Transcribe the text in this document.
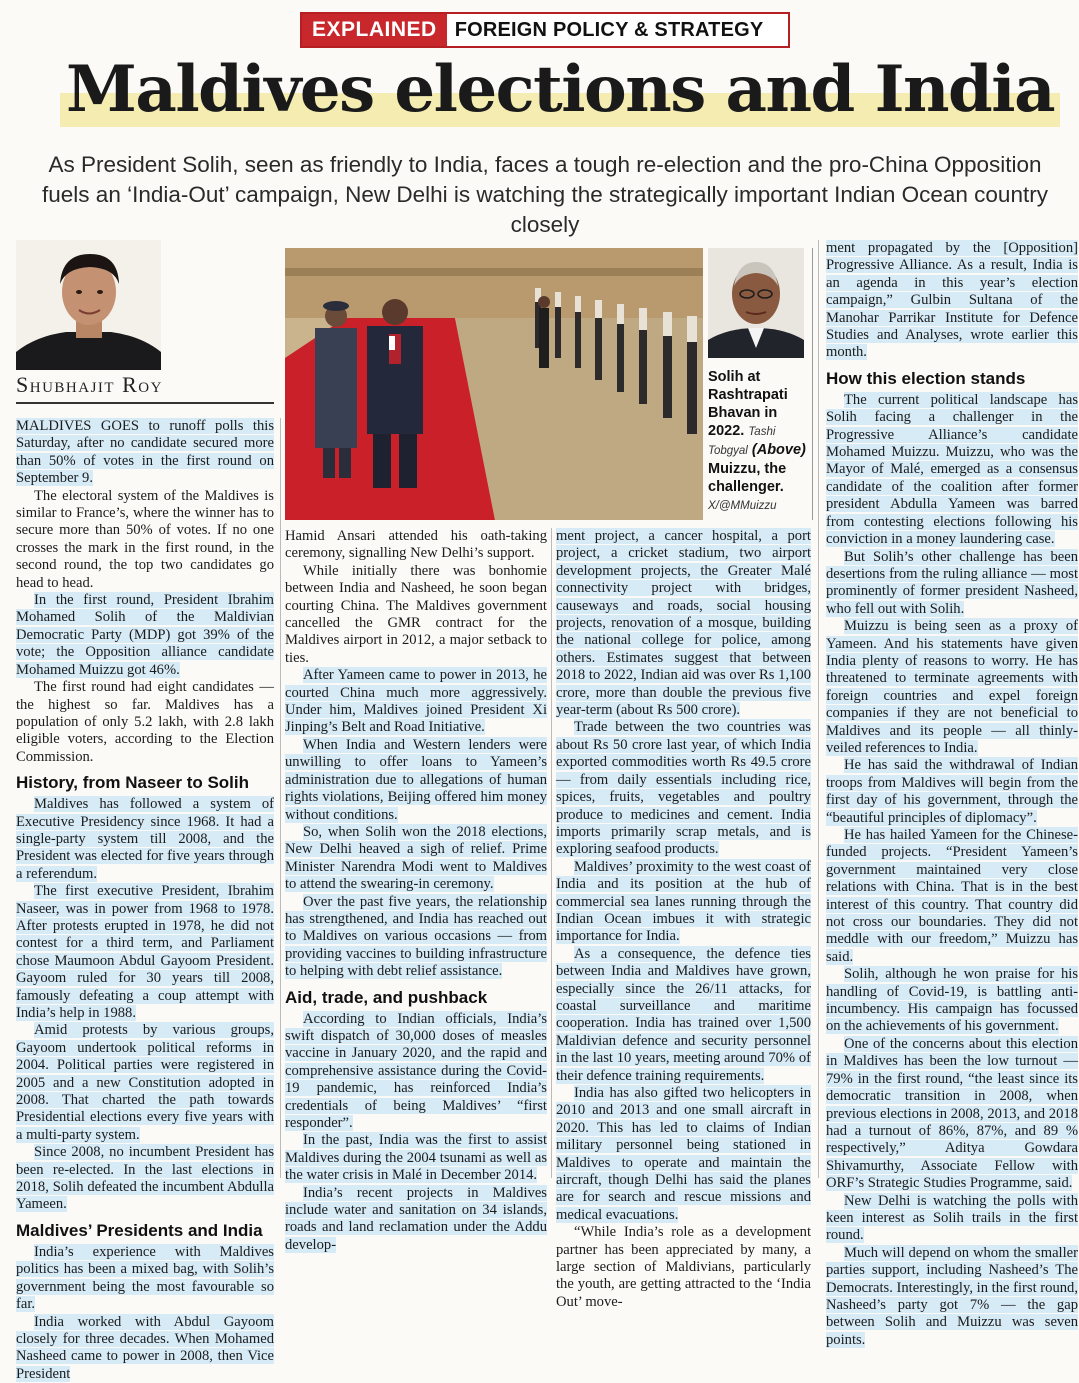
EXPLAINED FOREIGN POLICY & STRATEGY
Maldives elections and India
As President Solih, seen as friendly to India, faces a tough re-election and the pro-China Opposition fuels an ‘India-Out’ campaign, New Delhi is watching the strategically important Indian Ocean country closely
Shubhajit Roy	Solih at Rashtrapati Bhavan in 2022. Tashi Tobgyal (Above) Muizzu, the challenger.
X/@MMuizzu

MALDIVES GOES to runoff polls this Saturday, after no candidate secured more than 50% of votes in the first round on September 9.

The electoral system of the Maldives is similar to France’s, where the winner has to secure more than 50% of votes. If no one crosses the mark in the first round, in the second round, the top two candidates go head to head.

In the first round, President Ibrahim Mohamed Solih of the Maldivian Democratic Party (MDP) got 39% of the vote; the Opposition alliance candidate Mohamed Muizzu got 46%.

The first round had eight candidates — the highest so far. Maldives has a population of only 5.2 lakh, with 2.8 lakh eligible voters, according to the Election Commission.

History, from Naseer to Solih

Maldives has followed a system of Executive Presidency since 1968. It had a single-party system till 2008, and the President was elected for five years through a referendum.

The first executive President, Ibrahim Naseer, was in power from 1968 to 1978. After protests erupted in 1978, he did not contest for a third term, and Parliament chose Maumoon Abdul Gayoom President. Gayoom ruled for 30 years till 2008, famously defeating a coup attempt with India’s help in 1988.

Amid protests by various groups, Gayoom undertook political reforms in 2004. Political parties were registered in 2005 and a new Constitution adopted in 2008. That charted the path towards Presidential elections every five years with a multi-party system.

Since 2008, no incumbent President has been re-elected. In the last elections in 2018, Solih defeated the incumbent Abdulla Yameen.

Maldives’ Presidents and India

India’s experience with Maldives politics has been a mixed bag, with Solih’s government being the most favourable so far.

India worked with Abdul Gayoom closely for three decades. When Mohamed Nasheed came to power in 2008, then Vice President

Hamid Ansari attended his oath-taking ceremony, signalling New Delhi’s support.

While initially there was bonhomie between India and Nasheed, he soon began courting China. The Maldives government cancelled the GMR contract for the Maldives airport in 2012, a major setback to ties.

After Yameen came to power in 2013, he courted China much more aggressively. Under him, Maldives joined President Xi Jinping’s Belt and Road Initiative.

When India and Western lenders were unwilling to offer loans to Yameen’s administration due to allegations of human rights violations, Beijing offered him money without conditions.

So, when Solih won the 2018 elections, New Delhi heaved a sigh of relief. Prime Minister Narendra Modi went to Maldives to attend the swearing-in ceremony.

Over the past five years, the relationship has strengthened, and India has reached out to Maldives on various occasions — from providing vaccines to building infrastructure to helping with debt relief assistance.

Aid, trade, and pushback

According to Indian officials, India’s swift dispatch of 30,000 doses of measles vaccine in January 2020, and the rapid and comprehensive assistance during the Covid-19 pandemic, has reinforced India’s credentials of being Maldives’ “first responder”.

In the past, India was the first to assist Maldives during the 2004 tsunami as well as the water crisis in Malé in December 2014.

India’s recent projects in Maldives include water and sanitation on 34 islands, roads and land reclamation under the Addu develop-

ment project, a cancer hospital, a port project, a cricket stadium, two airport development projects, the Greater Malé connectivity project with bridges, causeways and roads, social housing projects, renovation of a mosque, building the national college for police, among others. Estimates suggest that between 2018 to 2022, Indian aid was over Rs 1,100 crore, more than double the previous five year-term (about Rs 500 crore).

Trade between the two countries was about Rs 50 crore last year, of which India exported commodities worth Rs 49.5 crore — from daily essentials including rice, spices, fruits, vegetables and poultry produce to medicines and cement. India imports primarily scrap metals, and is exploring seafood products.

Maldives’ proximity to the west coast of India and its position at the hub of commercial sea lanes running through the Indian Ocean imbues it with strategic importance for India.

As a consequence, the defence ties between India and Maldives have grown, especially since the 26/11 attacks, for coastal surveillance and maritime cooperation. India has trained over 1,500 Maldivian defence and security personnel in the last 10 years, meeting around 70% of their defence training requirements.

India has also gifted two helicopters in 2010 and 2013 and one small aircraft in 2020. This has led to claims of Indian military personnel being stationed in Maldives to operate and maintain the aircraft, though Delhi has said the planes are for search and rescue missions and medical evacuations.

“While India’s role as a development partner has been appreciated by many, a large section of Maldivians, particularly the youth, are getting attracted to the ‘India Out’ move-

ment propagated by the [Opposition] Progressive Alliance. As a result, India is an agenda in this year’s election campaign,” Gulbin Sultana of the Manohar Parrikar Institute for Defence Studies and Analyses, wrote earlier this month.

How this election stands

The current political landscape has Solih facing a challenger in the Progressive Alliance’s candidate Mohamed Muizzu. Muizzu, who was the Mayor of Malé, emerged as a consensus candidate of the coalition after former president Abdulla Yameen was barred from contesting elections following his conviction in a money laundering case.

But Solih’s other challenge has been desertions from the ruling alliance — most prominently of former president Nasheed, who fell out with Solih.

Muizzu is being seen as a proxy of Yameen. And his statements have given India plenty of reasons to worry. He has threatened to terminate agreements with foreign countries and expel foreign companies if they are not beneficial to Maldives and its people — all thinly-veiled references to India.

He has said the withdrawal of Indian troops from Maldives will begin from the first day of his government, through the “beautiful principles of diplomacy”.

He has hailed Yameen for the Chinese-funded projects. “President Yameen’s government maintained very close relations with China. That is in the best interest of this country. That country did not cross our boundaries. They did not meddle with our freedom,” Muizzu has said.

Solih, although he won praise for his handling of Covid-19, is battling anti-incumbency. His campaign has focussed on the achievements of his government.

One of the concerns about this election in Maldives has been the low turnout — 79% in the first round, “the least since its democratic transition in 2008, when previous elections in 2008, 2013, and 2018 had a turnout of 86%, 87%, and 89 % respectively,” Aditya Gowdara Shivamurthy, Associate Fellow with ORF’s Strategic Studies Programme, said.

New Delhi is watching the polls with keen interest as Solih trails in the first round.

Much will depend on whom the smaller parties support, including Nasheed’s The Democrats. Interestingly, in the first round, Nasheed’s party got 7% — the gap between Solih and Muizzu was seven points.
